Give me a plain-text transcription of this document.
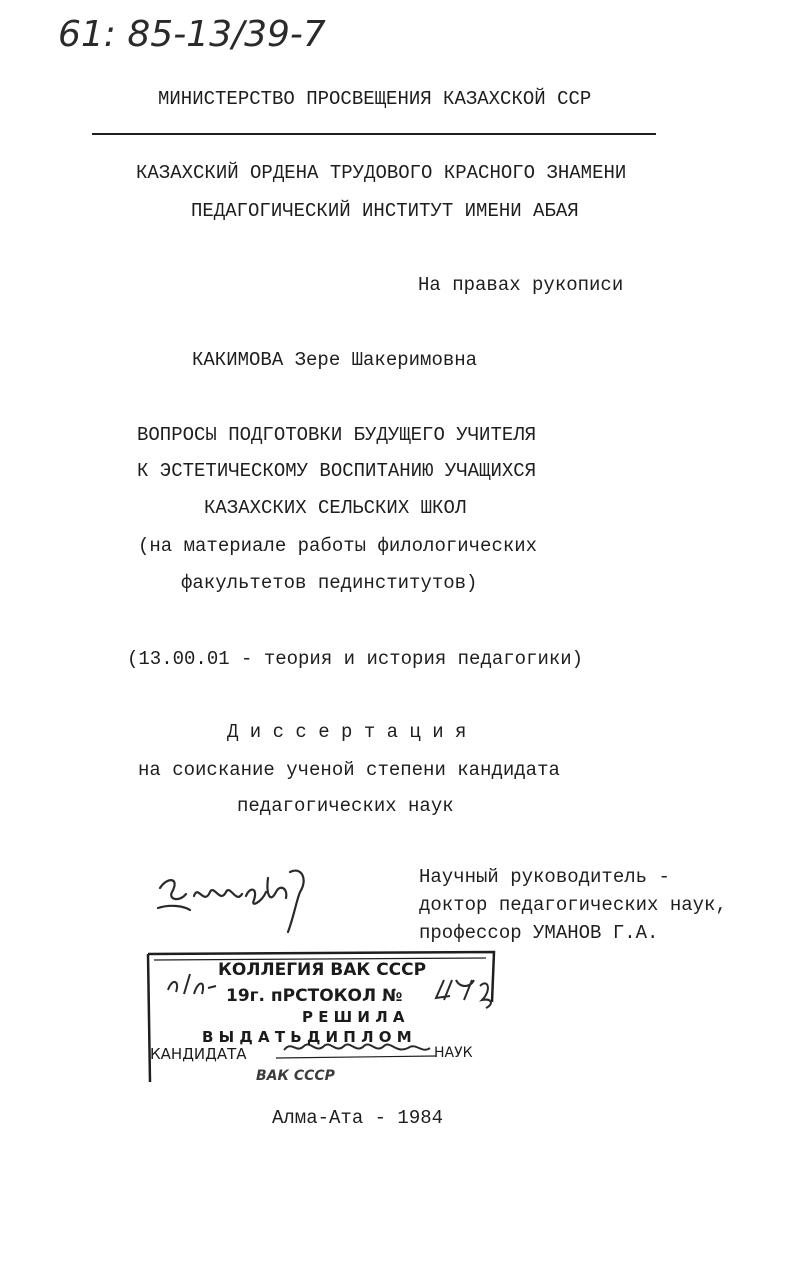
61: 85-13/39-7
МИНИСТЕРСТВО ПРОСВЕЩЕНИЯ КАЗАХСКОЙ ССР
КАЗАХСКИЙ ОРДЕНА ТРУДОВОГО КРАСНОГО ЗНАМЕНИ
ПЕДАГОГИЧЕСКИЙ ИНСТИТУТ ИМЕНИ АБАЯ
На правах рукописи
КАКИМОВА Зере Шакеримовна
ВОПРОСЫ ПОДГОТОВКИ БУДУЩЕГО УЧИТЕЛЯ
К ЭСТЕТИЧЕСКОМУ ВОСПИТАНИЮ УЧАЩИХСЯ
КАЗАХСКИХ СЕЛЬСКИХ ШКОЛ
(на материале работы филологических
факультетов пединститутов)
(13.00.01 - теория и история педагогики)
Д и с с е р т а ц и я
на соискание ученой степени кандидата
педагогических наук
Научный руководитель -
доктор педагогических наук,
профессор УМАНОВ Г.А.
КОЛЛЕГИЯ ВАК СССР
19г. пРСТОКОЛ №
Р Е Ш И Л А
В Ы Д А Т Ь Д И П Л О М
КАНДИДАТА	НАУК
ВАК СССР
Алма-Ата - 1984
